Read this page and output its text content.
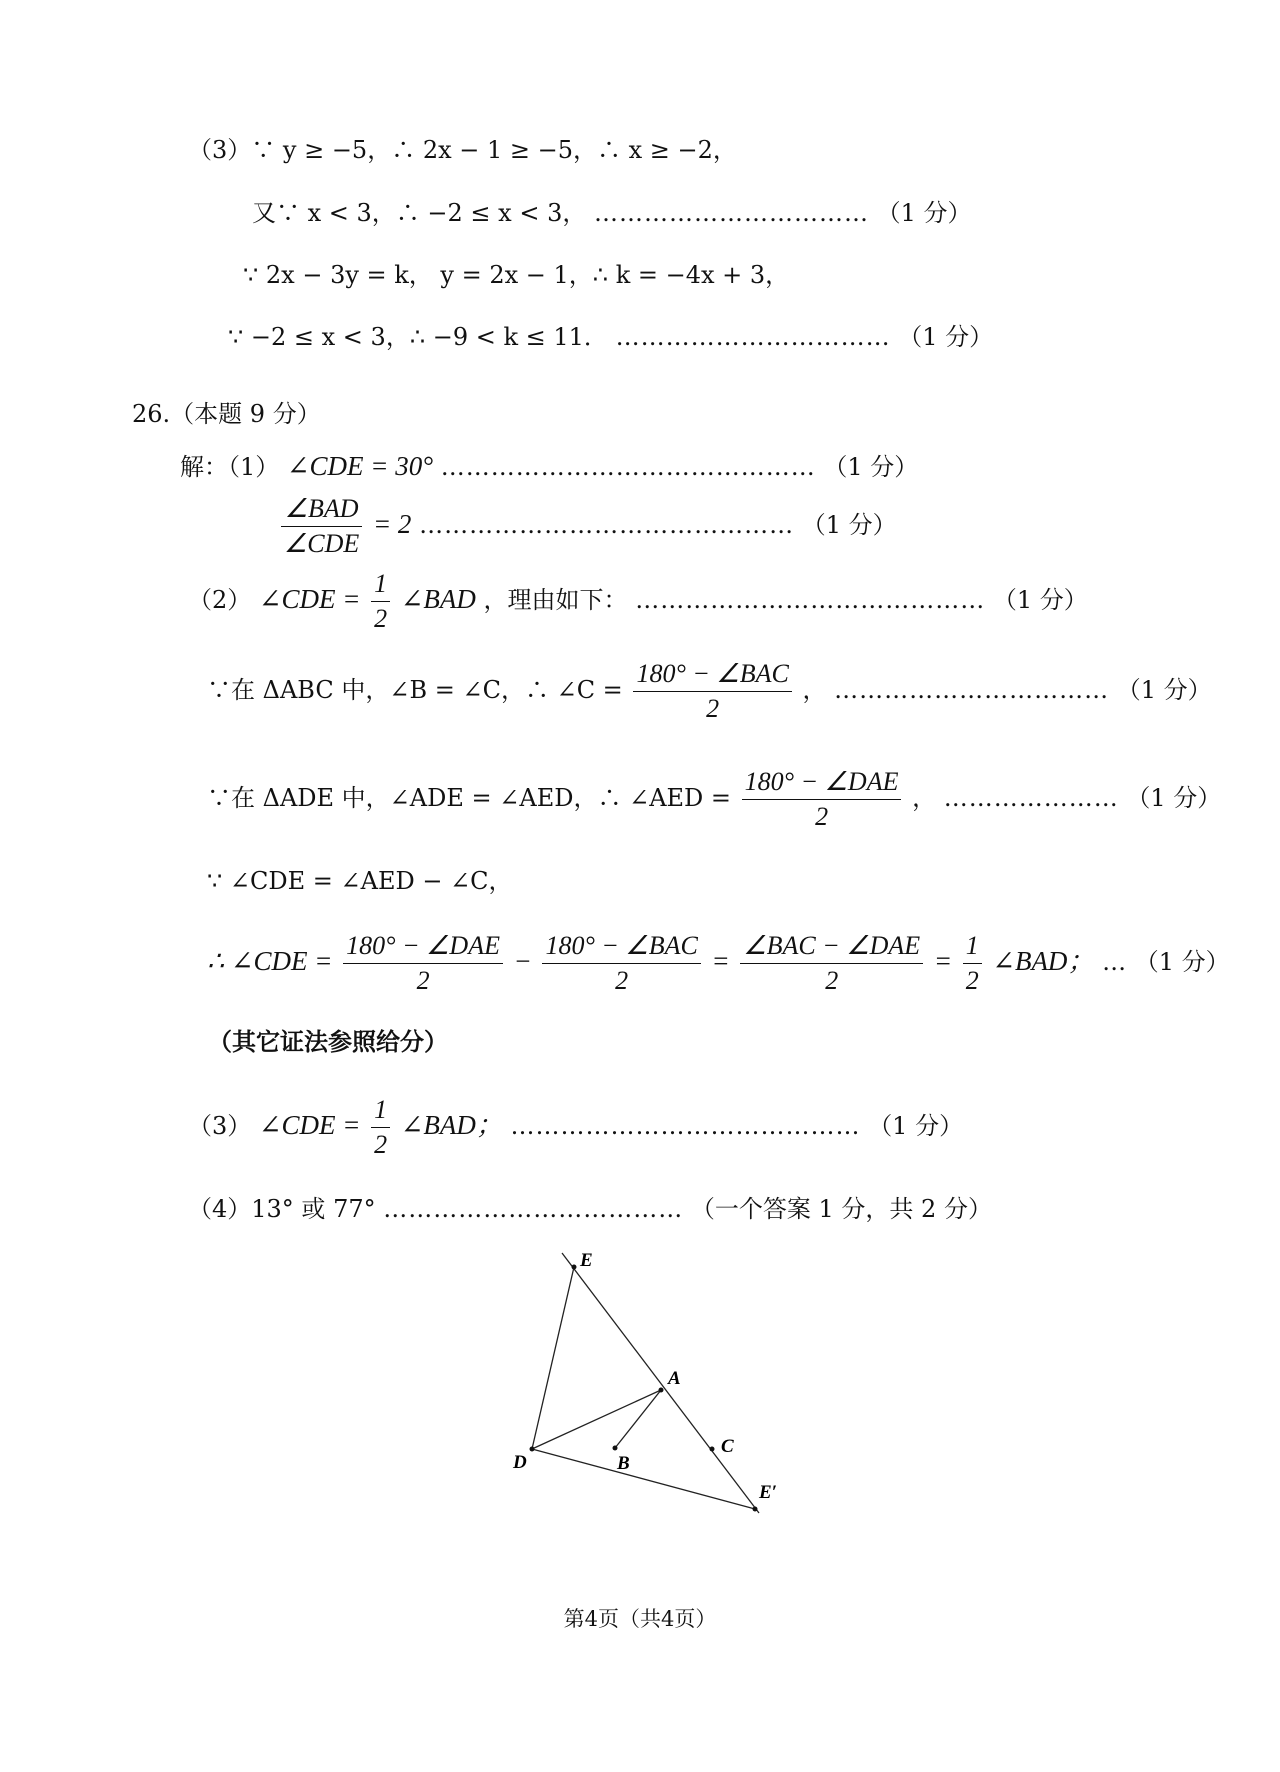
（3）∵ y ≥ −5，∴ 2x − 1 ≥ −5，∴ x ≥ −2，
又∵ x < 3，∴ −2 ≤ x < 3， …………………………… （1 分）
∵ 2x − 3y = k， y = 2x − 1，∴ k = −4x + 3，
∵ −2 ≤ x < 3，∴ −9 < k ≤ 11． …………………………… （1 分）
26.（本题 9 分）
解：（1） ∠CDE = 30° ……………………………………… （1 分）
$\frac{\text{∠BAD}}{\text{∠CDE}} = 2$ ……………………………………… （1 分）
（2） ∠CDE = $\frac{1}{2}$ ∠BAD ，理由如下： …………………………………… （1 分）
∵在 ΔABC 中，∠B = ∠C，∴ ∠C = $\frac{\text{180° − ∠BAC}}{2}$ ， …………………………… （1 分）
∵在 ΔADE 中，∠ADE = ∠AED，∴ ∠AED = $\frac{\text{180° − ∠DAE}}{2}$ ， ………………… （1 分）
∵ ∠CDE = ∠AED − ∠C，
∴ ∠CDE = $\frac{\text{180° − ∠DAE}}{2} - \frac{\text{180° − ∠BAC}}{2} = \frac{\text{∠BAC − ∠DAE}}{2} = \frac{1}{2}$ ∠BAD； … （1 分）
（其它证法参照给分）
（3） ∠CDE = $\frac{1}{2}$ ∠BAD； …………………………………… （1 分）
（4）13° 或 77° ……………………………… （一个答案 1 分，共 2 分）
E
A
C
D	B
E′
第4页（共4页）
